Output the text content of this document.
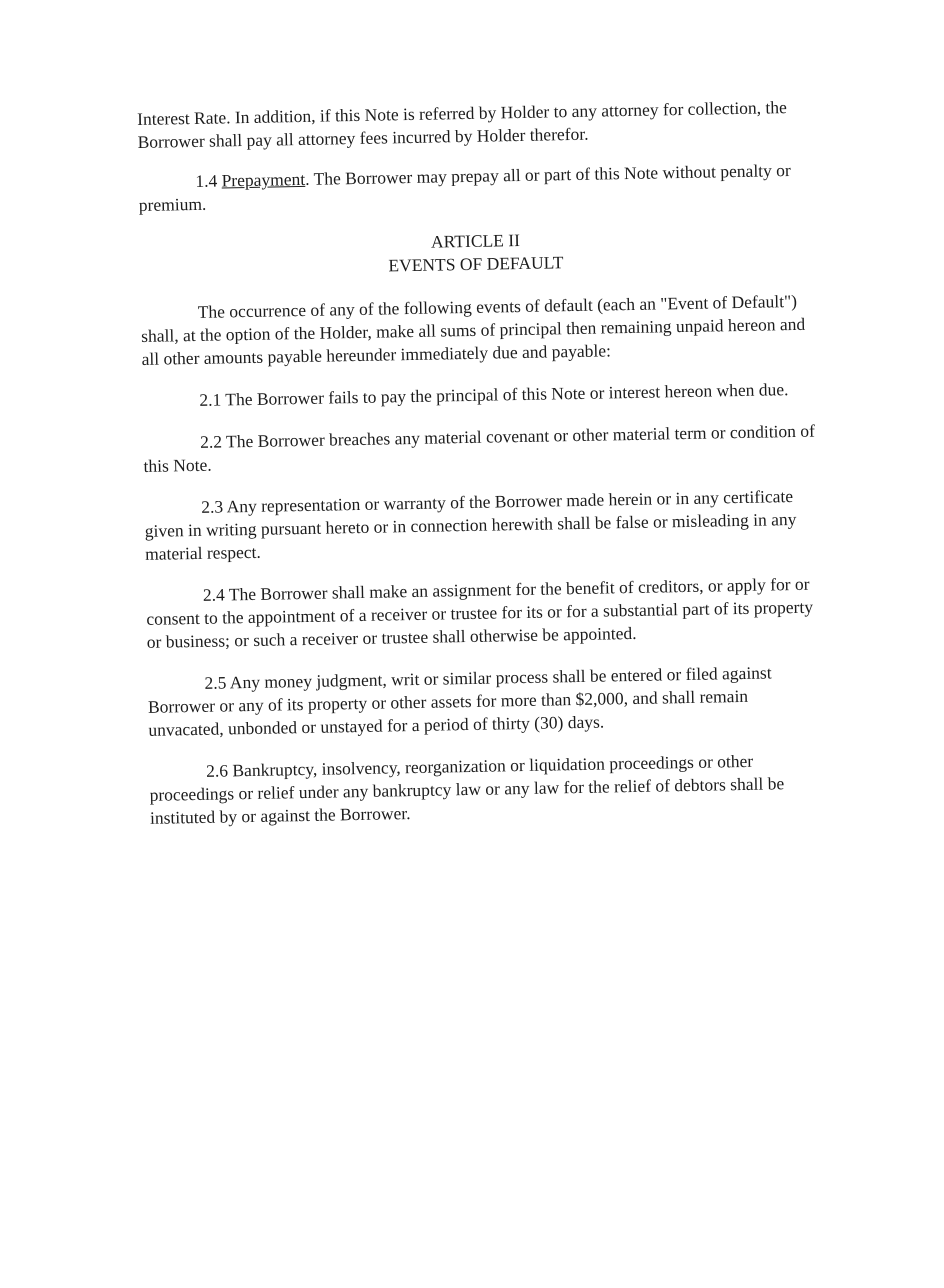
Interest Rate. In addition, if this Note is referred by Holder to any attorney for collection, the Borrower shall pay all attorney fees incurred by Holder therefor.

1.4 Prepayment. The Borrower may prepay all or part of this Note without penalty or premium.

ARTICLE II
EVENTS OF DEFAULT

The occurrence of any of the following events of default (each an "Event of Default") shall, at the option of the Holder, make all sums of principal then remaining unpaid hereon and all other amounts payable hereunder immediately due and payable:

2.1 The Borrower fails to pay the principal of this Note or interest hereon when due.

2.2 The Borrower breaches any material covenant or other material term or condition of this Note.

2.3 Any representation or warranty of the Borrower made herein or in any certificate given in writing pursuant hereto or in connection herewith shall be false or misleading in any material respect.

2.4 The Borrower shall make an assignment for the benefit of creditors, or apply for or consent to the appointment of a receiver or trustee for its or for a substantial part of its property or business; or such a receiver or trustee shall otherwise be appointed.

2.5 Any money judgment, writ or similar process shall be entered or filed against Borrower or any of its property or other assets for more than $2,000, and shall remain unvacated, unbonded or unstayed for a period of thirty (30) days.

2.6 Bankruptcy, insolvency, reorganization or liquidation proceedings or other proceedings or relief under any bankruptcy law or any law for the relief of debtors shall be instituted by or against the Borrower.
